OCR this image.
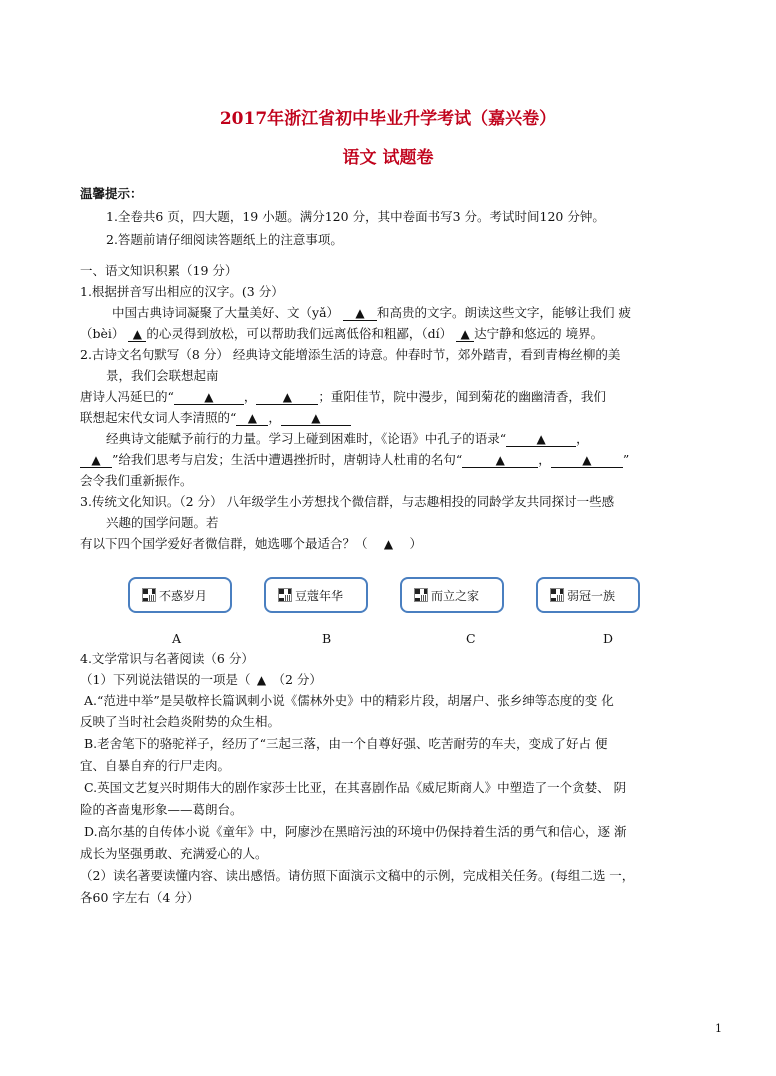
2017年浙江省初中毕业升学考试（嘉兴卷）
语文 试题卷
温馨提示：
1.全卷共6 页，四大题，19 小题。满分120 分，其中卷面书写3 分。考试时间120 分钟。
2.答题前请仔细阅读答题纸上的注意事项。
一、语文知识积累（19 分）
1.根据拼音写出相应的汉字。(3 分）
中国古典诗词凝聚了大量美好、文（yǎ） ▲ 和高贵的文字。朗读这些文字，能够让我们 疲
（bèi） ▲ 的心灵得到放松，可以帮助我们远离低俗和粗鄙，（dí） ▲ 达宁静和悠远的 境界。
2.古诗文名句默写（8 分） 经典诗文能增添生活的诗意。仲春时节，郊外踏青，看到青梅丝柳的美
景，我们会联想起南
唐诗人冯延巳的“	▲ ， ▲ ；重阳佳节，院中漫步，闻到菊花的幽幽清香，我们
联想起宋代女词人李清照的“ ▲ ，	▲
经典诗文能赋予前行的力量。学习上碰到困难时，《论语》中孔子的语录“	▲ ，
▲ ”给我们思考与启发；生活中遭遇挫折时，唐朝诗人杜甫的名句“	▲	，	▲	”
会令我们重新振作。
3.传统文化知识。（2 分） 八年级学生小芳想找个微信群，与志趣相投的同龄学友共同探讨一些感
兴趣的国学问题。若
有以下四个国学爱好者微信群，她选哪个最适合？（ ▲ ）
不惑岁月	豆蔻年华	而立之家	弱冠一族
A	B	C	D
4.文学常识与名著阅读（6 分）
（1）下列说法错误的一项是（ ▲ （2 分）
A.“范进中举”是吴敬梓长篇讽刺小说《儒林外史》中的精彩片段，胡屠户、张乡绅等态度的变 化
反映了当时社会趋炎附势的众生相。
B.老舍笔下的骆驼祥子，经历了“三起三落，由一个自尊好强、吃苦耐劳的车夫，变成了好占 便
宜、自暴自弃的行尸走肉。
C.英国文艺复兴时期伟大的剧作家莎士比亚，在其喜剧作品《威尼斯商人》中塑造了一个贪婪、 阴
险的吝啬鬼形象——葛朗台。
D.高尔基的自传体小说《童年》中，阿廖沙在黑暗污浊的环境中仍保持着生活的勇气和信心，逐 渐
成长为坚强勇敢、充满爱心的人。
（2）读名著要读懂内容、读出感悟。请仿照下面演示文稿中的示例，完成相关任务。(每组二选 一，
各60 字左右（4 分）
1
